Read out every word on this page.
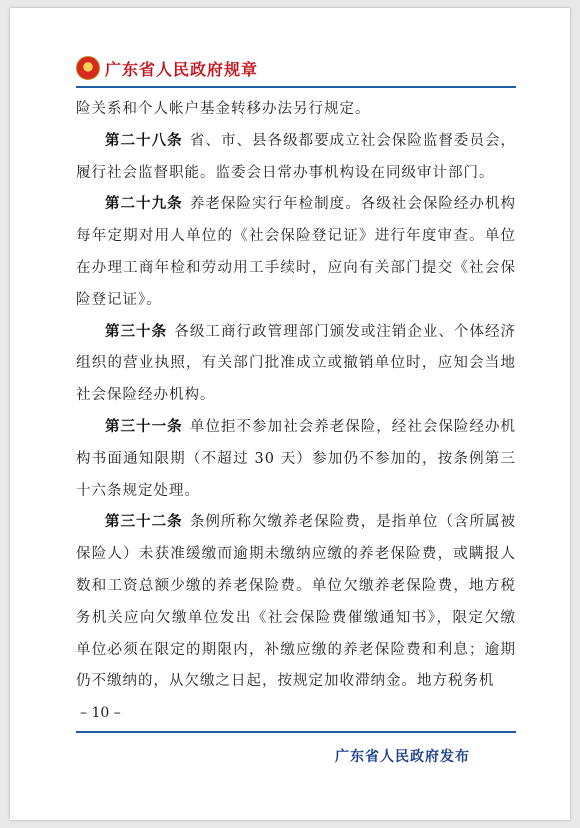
广东省人民政府规章

险关系和个人帐户基金转移办法另行规定。

第二十八条 省、市、县各级都要成立社会保险监督委员会，履行社会监督职能。监委会日常办事机构设在同级审计部门。

第二十九条 养老保险实行年检制度。各级社会保险经办机构每年定期对用人单位的《社会保险登记证》进行年度审查。单位在办理工商年检和劳动用工手续时，应向有关部门提交《社会保险登记证》。

第三十条 各级工商行政管理部门颁发或注销企业、个体经济组织的营业执照，有关部门批准成立或撤销单位时，应知会当地社会保险经办机构。

第三十一条 单位拒不参加社会养老保险，经社会保险经办机构书面通知限期（不超过 30 天）参加仍不参加的，按条例第三十六条规定处理。

第三十二条 条例所称欠缴养老保险费，是指单位（含所属被保险人）未获准缓缴而逾期未缴纳应缴的养老保险费，或瞒报人数和工资总额少缴的养老保险费。单位欠缴养老保险费，地方税务机关应向欠缴单位发出《社会保险费催缴通知书》，限定欠缴单位必须在限定的期限内，补缴应缴的养老保险费和利息；逾期仍不缴纳的，从欠缴之日起，按规定加收滞纳金。地方税务机

– 10 –
广东省人民政府发布
